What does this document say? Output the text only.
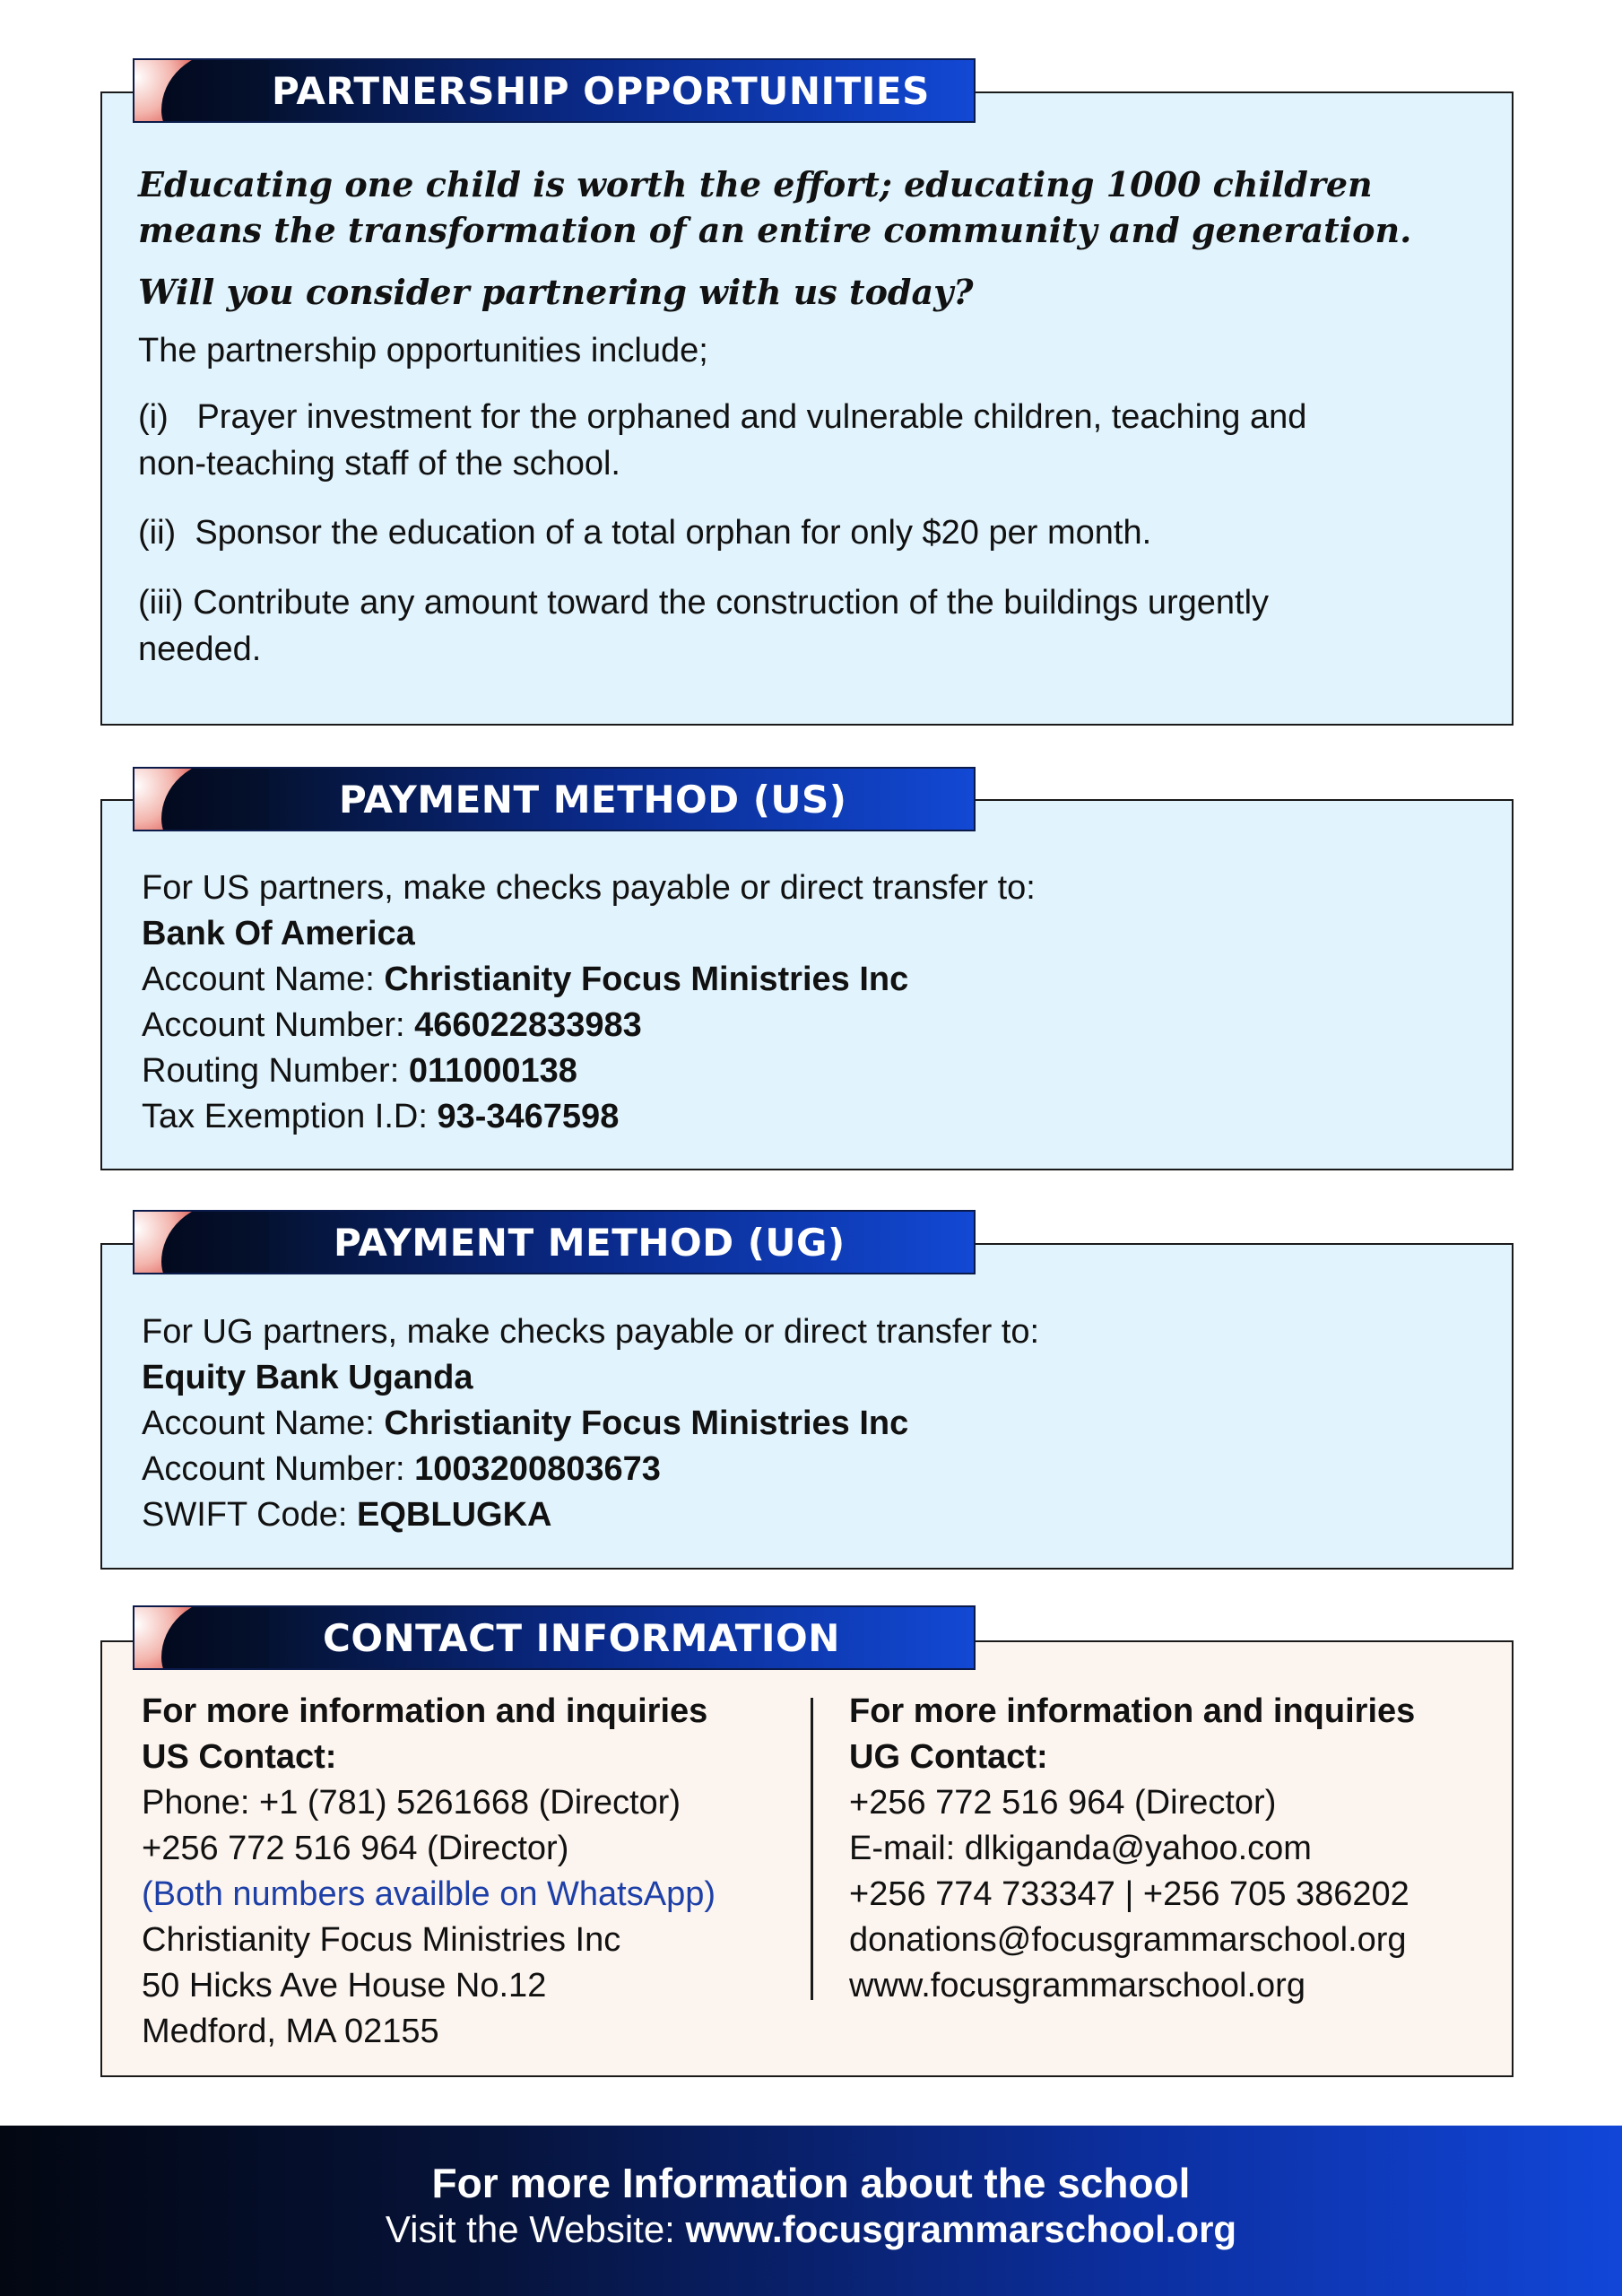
Educating one child is worth the effort; educating 1000 children

means the transformation of an entire community and generation.

Will you consider partnering with us today?

The partnership opportunities include;

(i) Prayer investment for the orphaned and vulnerable children, teaching and

non-teaching staff of the school.

(ii) Sponsor the education of a total orphan for only $20 per month.

(iii) Contribute any amount toward the construction of the buildings urgently

needed.

PARTNERSHIP OPPORTUNITIES

For US partners, make checks payable or direct transfer to:

Bank Of America

Account Name: Christianity Focus Ministries Inc

Account Number: 466022833983

Routing Number: 011000138

Tax Exemption I.D: 93-3467598

PAYMENT METHOD (US)

For UG partners, make checks payable or direct transfer to:

Equity Bank Uganda

Account Name: Christianity Focus Ministries Inc

Account Number: 1003200803673

SWIFT Code: EQBLUGKA

PAYMENT METHOD (UG)

For more information and inquiries

US Contact:

Phone: +1 (781) 5261668 (Director)

+256 772 516 964 (Director)

(Both numbers availble on WhatsApp)

Christianity Focus Ministries Inc

50 Hicks Ave House No.12

Medford, MA 02155

For more information and inquiries

UG Contact:

+256 772 516 964 (Director)

E-mail: dlkiganda@yahoo.com

+256 774 733347 | +256 705 386202

donations@focusgrammarschool.org

www.focusgrammarschool.org

CONTACT INFORMATION
For more Information about the school
Visit the Website: www.focusgrammarschool.org
